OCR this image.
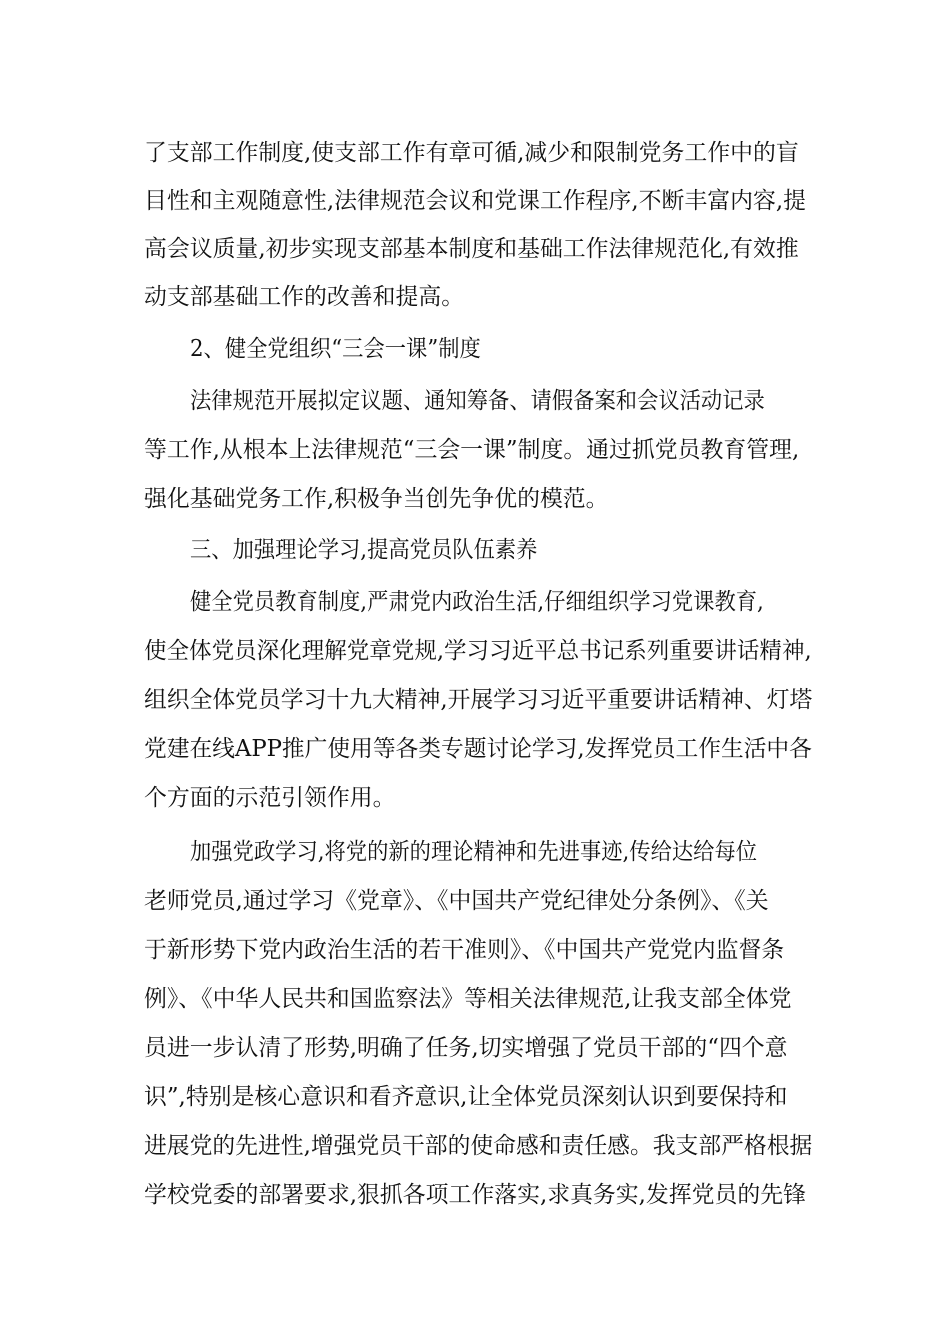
了支部工作制度,使支部工作有章可循,减少和限制党务工作中的盲
目性和主观随意性,法律规范会议和党课工作程序,不断丰富内容,提
高会议质量,初步实现支部基本制度和基础工作法律规范化,有效推
动支部基础工作的改善和提高。
2、健全党组织“三会一课”制度
法律规范开展拟定议题、通知筹备、请假备案和会议活动记录
等工作,从根本上法律规范“三会一课”制度。通过抓党员教育管理,
强化基础党务工作,积极争当创先争优的模范。
三、加强理论学习,提高党员队伍素养
健全党员教育制度,严肃党内政治生活,仔细组织学习党课教育,
使全体党员深化理解党章党规,学习习近平总书记系列重要讲话精神,
组织全体党员学习十九大精神,开展学习习近平重要讲话精神、灯塔
党建在线APP推广使用等各类专题讨论学习,发挥党员工作生活中各
个方面的示范引领作用。
加强党政学习,将党的新的理论精神和先进事迹,传给达给每位
老师党员,通过学习《党章》、《中国共产党纪律处分条例》、《关
于新形势下党内政治生活的若干准则》、《中国共产党党内监督条
例》、《中华人民共和国监察法》等相关法律规范,让我支部全体党
员进一步认清了形势,明确了任务,切实增强了党员干部的“四个意
识”,特别是核心意识和看齐意识,让全体党员深刻认识到要保持和
进展党的先进性,增强党员干部的使命感和责任感。我支部严格根据
学校党委的部署要求,狠抓各项工作落实,求真务实,发挥党员的先锋
